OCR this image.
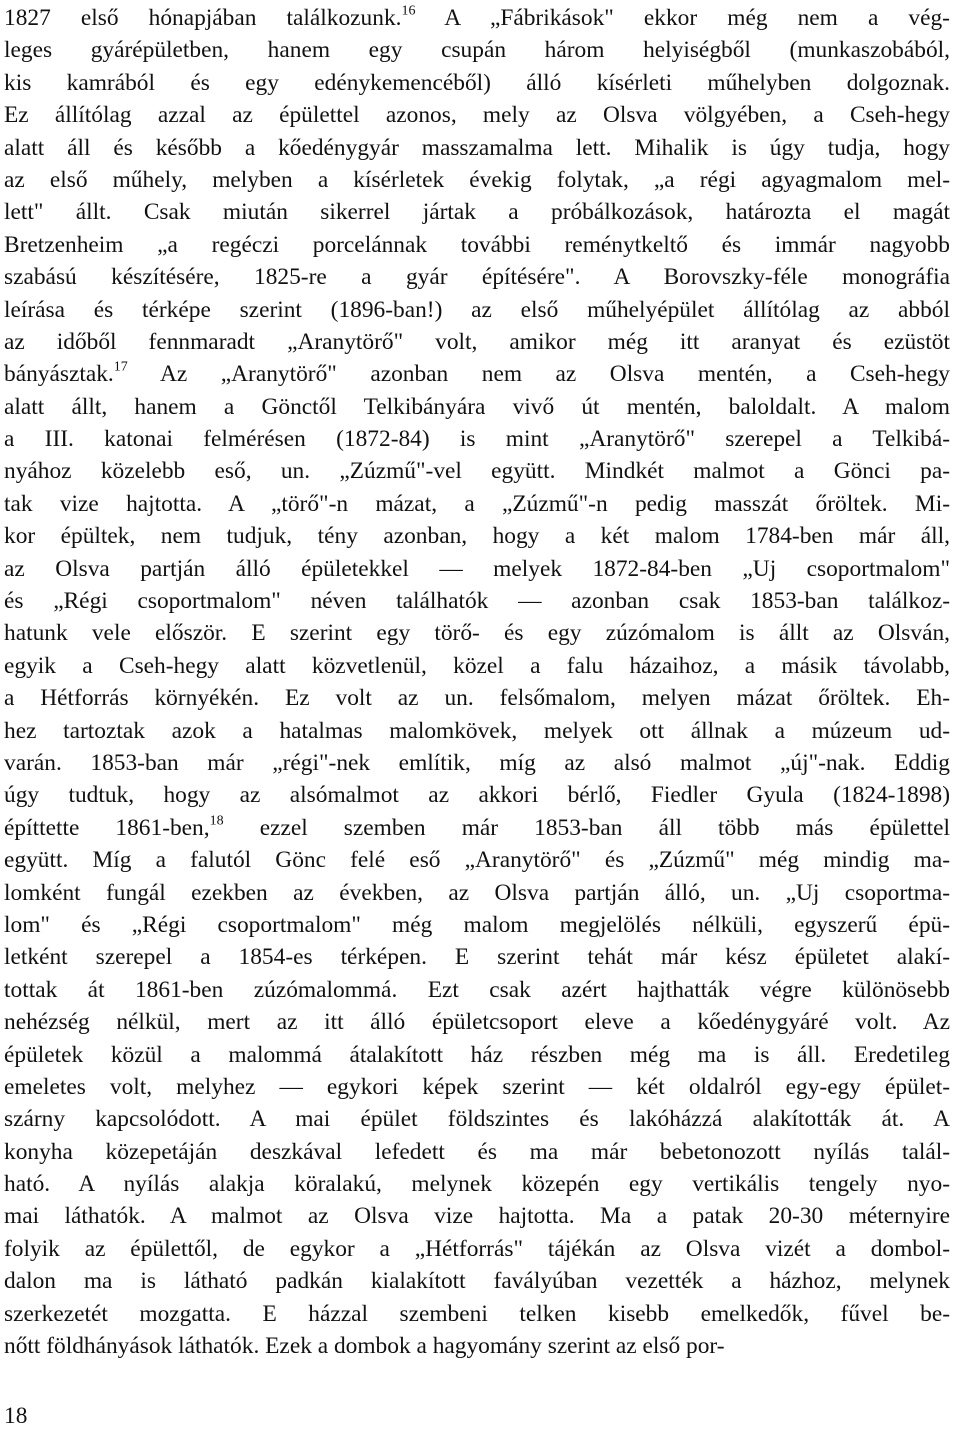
1827 első hónapjában találkozunk.$^{16}$ A „Fábrikások" ekkor még nem a vég-
leges gyárépületben, hanem egy csupán három helyiségből (munkaszobából,
kis kamrából és egy edénykemencéből) álló kísérleti műhelyben dolgoznak.
Ez állítólag azzal az épülettel azonos, mely az Olsva völgyében, a Cseh-hegy
alatt áll és később a kőedénygyár masszamalma lett. Mihalik is úgy tudja, hogy
az első műhely, melyben a kísérletek évekig folytak, „a régi agyagmalom mel-
lett" állt. Csak miután sikerrel jártak a próbálkozások, határozta el magát
Bretzenheim „a regéczi porcelánnak további reménytkeltő és immár nagyobb
szabású készítésére, 1825-re a gyár építésére". A Borovszky-féle monográfia
leírása és térképe szerint (1896-ban!) az első műhelyépület állítólag az abból
az időből fennmaradt „Aranytörő" volt, amikor még itt aranyat és ezüstöt
bányásztak.$^{17}$ Az „Aranytörő" azonban nem az Olsva mentén, a Cseh-hegy
alatt állt, hanem a Gönctől Telkibányára vivő út mentén, baloldalt. A malom
a III. katonai felmérésen (1872-84) is mint „Aranytörő" szerepel a Telkibá-
nyához közelebb eső, un. „Zúzmű"-vel együtt. Mindkét malmot a Gönci pa-
tak vize hajtotta. A „törő"-n mázat, a „Zúzmű"-n pedig masszát őröltek. Mi-
kor épültek, nem tudjuk, tény azonban, hogy a két malom 1784-ben már áll,
az Olsva partján álló épületekkel — melyek 1872-84-ben „Uj csoportmalom"
és „Régi csoportmalom" néven találhatók — azonban csak 1853-ban találkoz-
hatunk vele először. E szerint egy törő- és egy zúzómalom is állt az Olsván,
egyik a Cseh-hegy alatt közvetlenül, közel a falu házaihoz, a másik távolabb,
a Hétforrás környékén. Ez volt az un. felsőmalom, melyen mázat őröltek. Eh-
hez tartoztak azok a hatalmas malomkövek, melyek ott állnak a múzeum ud-
varán. 1853-ban már „régi"-nek említik, míg az alsó malmot „új"-nak. Eddig
úgy tudtuk, hogy az alsómalmot az akkori bérlő, Fiedler Gyula (1824-1898)
építtette 1861-ben,$^{18}$ ezzel szemben már 1853-ban áll több más épülettel
együtt. Míg a falutól Gönc felé eső „Aranytörő" és „Zúzmű" még mindig ma-
lomként fungál ezekben az években, az Olsva partján álló, un. „Uj csoportma-
lom" és „Régi csoportmalom" még malom megjelölés nélküli, egyszerű épü-
letként szerepel a 1854-es térképen. E szerint tehát már kész épületet alakí-
tottak át 1861-ben zúzómalommá. Ezt csak azért hajthatták végre különösebb
nehézség nélkül, mert az itt álló épületcsoport eleve a kőedénygyáré volt. Az
épületek közül a malommá átalakított ház részben még ma is áll. Eredetileg
emeletes volt, melyhez — egykori képek szerint — két oldalról egy-egy épület-
szárny kapcsolódott. A mai épület földszintes és lakóházzá alakították át. A
konyha közepetáján deszkával lefedett és ma már bebetonozott nyílás talál-
ható. A nyílás alakja köralakú, melynek közepén egy vertikális tengely nyo-
mai láthatók. A malmot az Olsva vize hajtotta. Ma a patak 20-30 méternyire
folyik az épülettől, de egykor a „Hétforrás" tájékán az Olsva vizét a dombol-
dalon ma is látható padkán kialakított favályúban vezették a házhoz, melynek
szerkezetét mozgatta. E házzal szembeni telken kisebb emelkedők, fűvel be-
nőtt földhányások láthatók. Ezek a dombok a hagyomány szerint az első por-
18
